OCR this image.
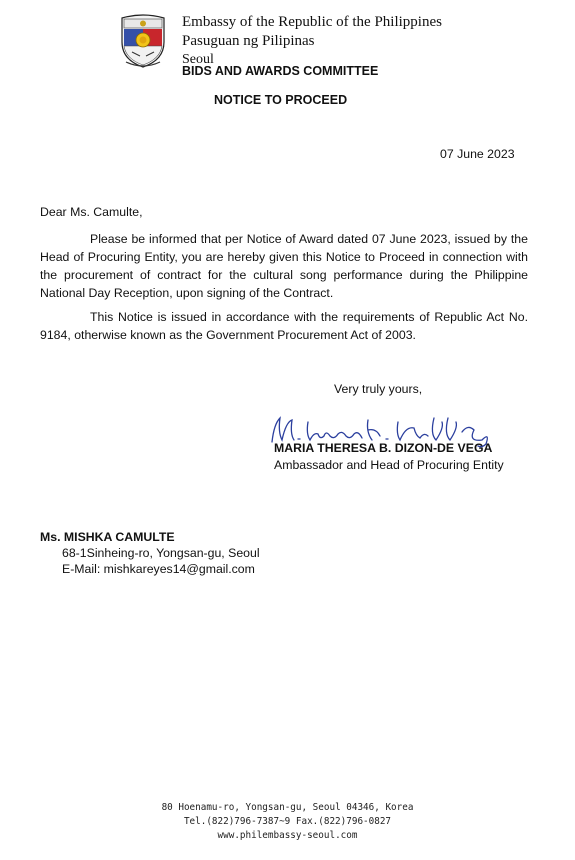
Embassy of the Republic of the Philippines
Pasuguan ng Pilipinas
Seoul
BIDS AND AWARDS COMMITTEE
NOTICE TO PROCEED
07 June 2023
Dear Ms. Camulte,

Please be informed that per Notice of Award dated 07 June 2023, issued by the Head of Procuring Entity, you are hereby given this Notice to Proceed in connection with the procurement of contract for the cultural song performance during the Philippine National Day Reception, upon signing of the Contract.

This Notice is issued in accordance with the requirements of Republic Act No. 9184, otherwise known as the Government Procurement Act of 2003.

Very truly yours,
MARIA THERESA B. DIZON-DE VEGA
Ambassador and Head of Procuring Entity
Ms. MISHKA CAMULTE
68-1Sinheing-ro, Yongsan-gu, Seoul
E-Mail: mishkareyes14@gmail.com
80 Hoenamu-ro, Yongsan-gu, Seoul 04346, Korea
Tel.(822)796-7387~9 Fax.(822)796-0827
www.philembassy-seoul.com
